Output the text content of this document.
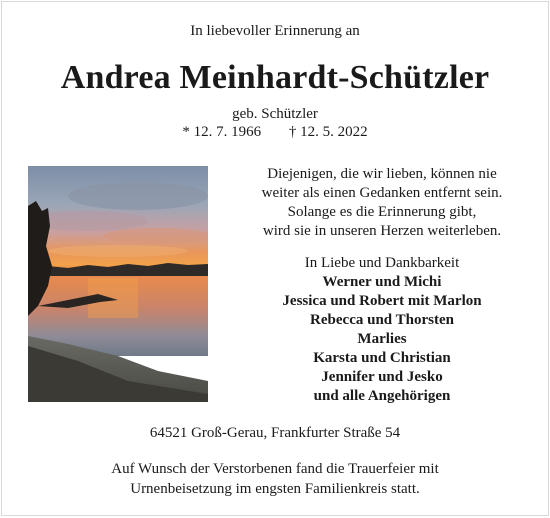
In liebevoller Erinnerung an
Andrea Meinhardt-Schützler
geb. Schützler
* 12. 7. 1966 † 12. 5. 2022
Diejenigen, die wir lieben, können nie
weiter als einen Gedanken entfernt sein.
Solange es die Erinnerung gibt,
wird sie in unseren Herzen weiterleben.
In Liebe und Dankbarkeit
Werner und Michi
Jessica und Robert mit Marlon
Rebecca und Thorsten
Marlies
Karsta und Christian
Jennifer und Jesko
und alle Angehörigen
64521 Groß-Gerau, Frankfurter Straße 54
Auf Wunsch der Verstorbenen fand die Trauerfeier mit
Urnenbeisetzung im engsten Familienkreis statt.
